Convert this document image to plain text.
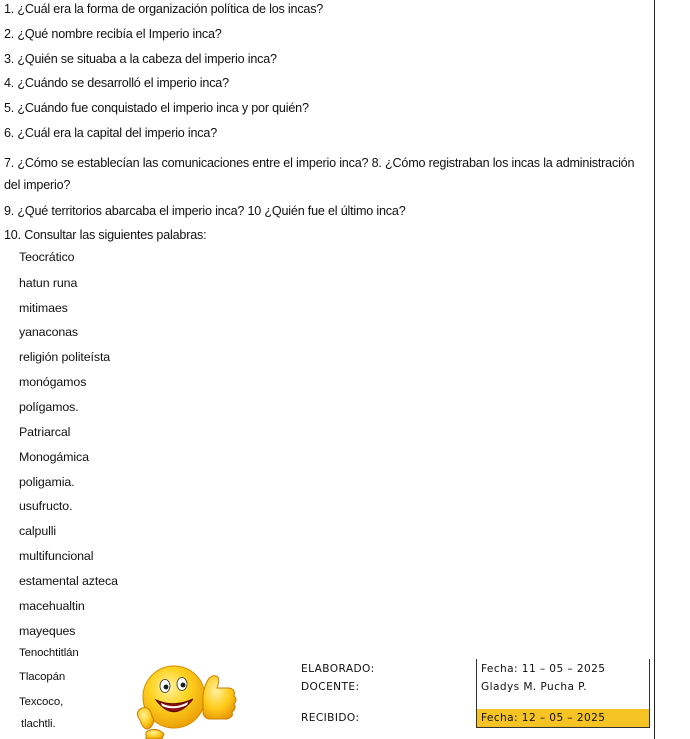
1. ¿Cuál era la forma de organización política de los incas?
2. ¿Qué nombre recibía el Imperio inca?
3. ¿Quién se situaba a la cabeza del imperio inca?
4. ¿Cuándo se desarrolló el imperio inca?
5. ¿Cuándo fue conquistado el imperio inca y por quién?
6. ¿Cuál era la capital del imperio inca?
7. ¿Cómo se establecían las comunicaciones entre el imperio inca? 8. ¿Cómo registraban los incas la administración del imperio?
9. ¿Qué territorios abarcaba el imperio inca? 10 ¿Quién fue el último inca?
10. Consultar las siguientes palabras:
Teocrático
hatun runa
mitimaes
yanaconas
religión politeísta
monógamos
polígamos.
Patriarcal
Monogámica
poligamia.
usufructo.
calpulli
multifuncional
estamental azteca
macehualtin
mayeques
Tenochtitlán
Tlacopán
Texcoco,
tlachtli.
ELABORADO:
DOCENTE:
RECIBIDO:
Fecha: 11 – 05 – 2025
Gladys M. Pucha P.
Fecha: 12 – 05 – 2025
